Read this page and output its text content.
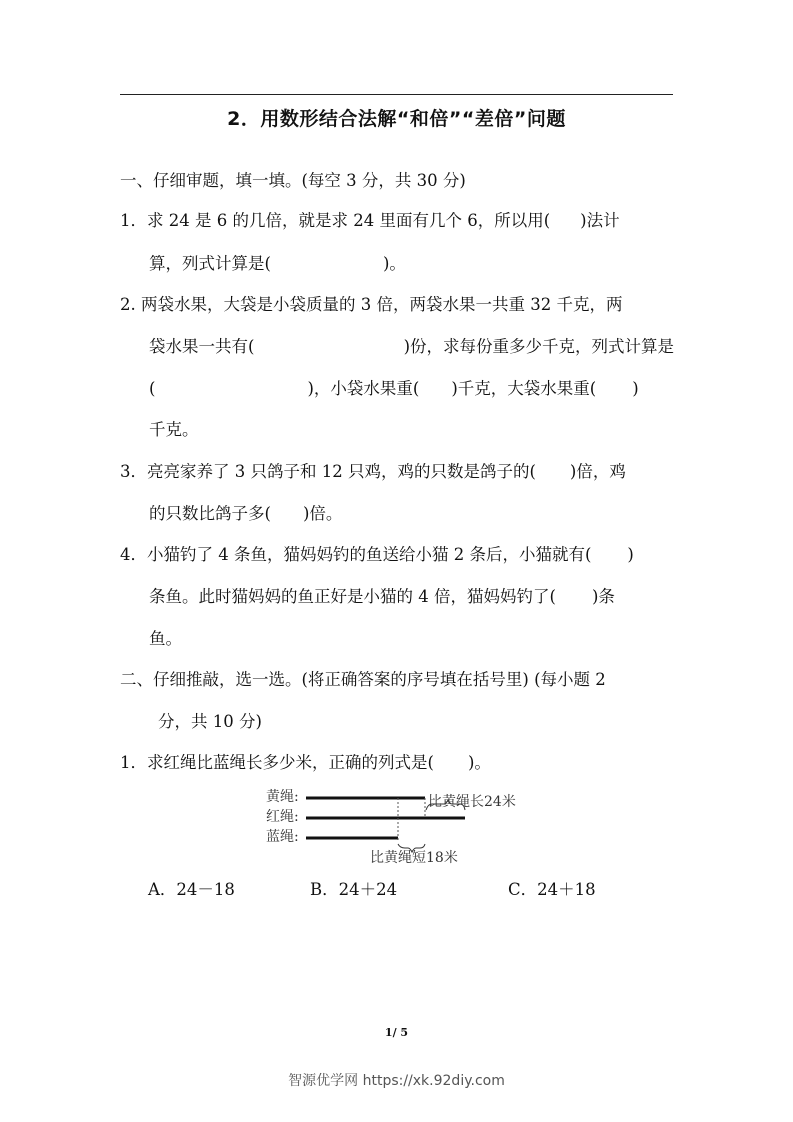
2．用数形结合法解“和倍”“差倍”问题
一、仔细审题，填一填。(每空 3 分，共 30 分)
1．求 24 是 6 的几倍，就是求 24 里面有几个 6，所以用( )法计
算，列式计算是(	)。
2. 两袋水果，大袋是小袋质量的 3 倍，两袋水果一共重 32 千克，两
袋水果一共有(	)份，求每份重多少千克，列式计算是
(	)，小袋水果重( )千克，大袋水果重( )
千克。
3．亮亮家养了 3 只鸽子和 12 只鸡，鸡的只数是鸽子的( )倍，鸡
的只数比鸽子多( )倍。
4．小猫钓了 4 条鱼，猫妈妈钓的鱼送给小猫 2 条后，小猫就有( )
条鱼。此时猫妈妈的鱼正好是小猫的 4 倍，猫妈妈钓了( )条
鱼。
二、仔细推敲，选一选。(将正确答案的序号填在括号里) (每小题 2
分，共 10 分)
1．求红绳比蓝绳长多少米，正确的列式是( )。
黄绳:
红绳:
蓝绳:
比黄绳长24米
比黄绳短18米
A．24－18	B．24＋24	C．24＋18
1/ 5
智源优学网 https://xk.92diy.com
